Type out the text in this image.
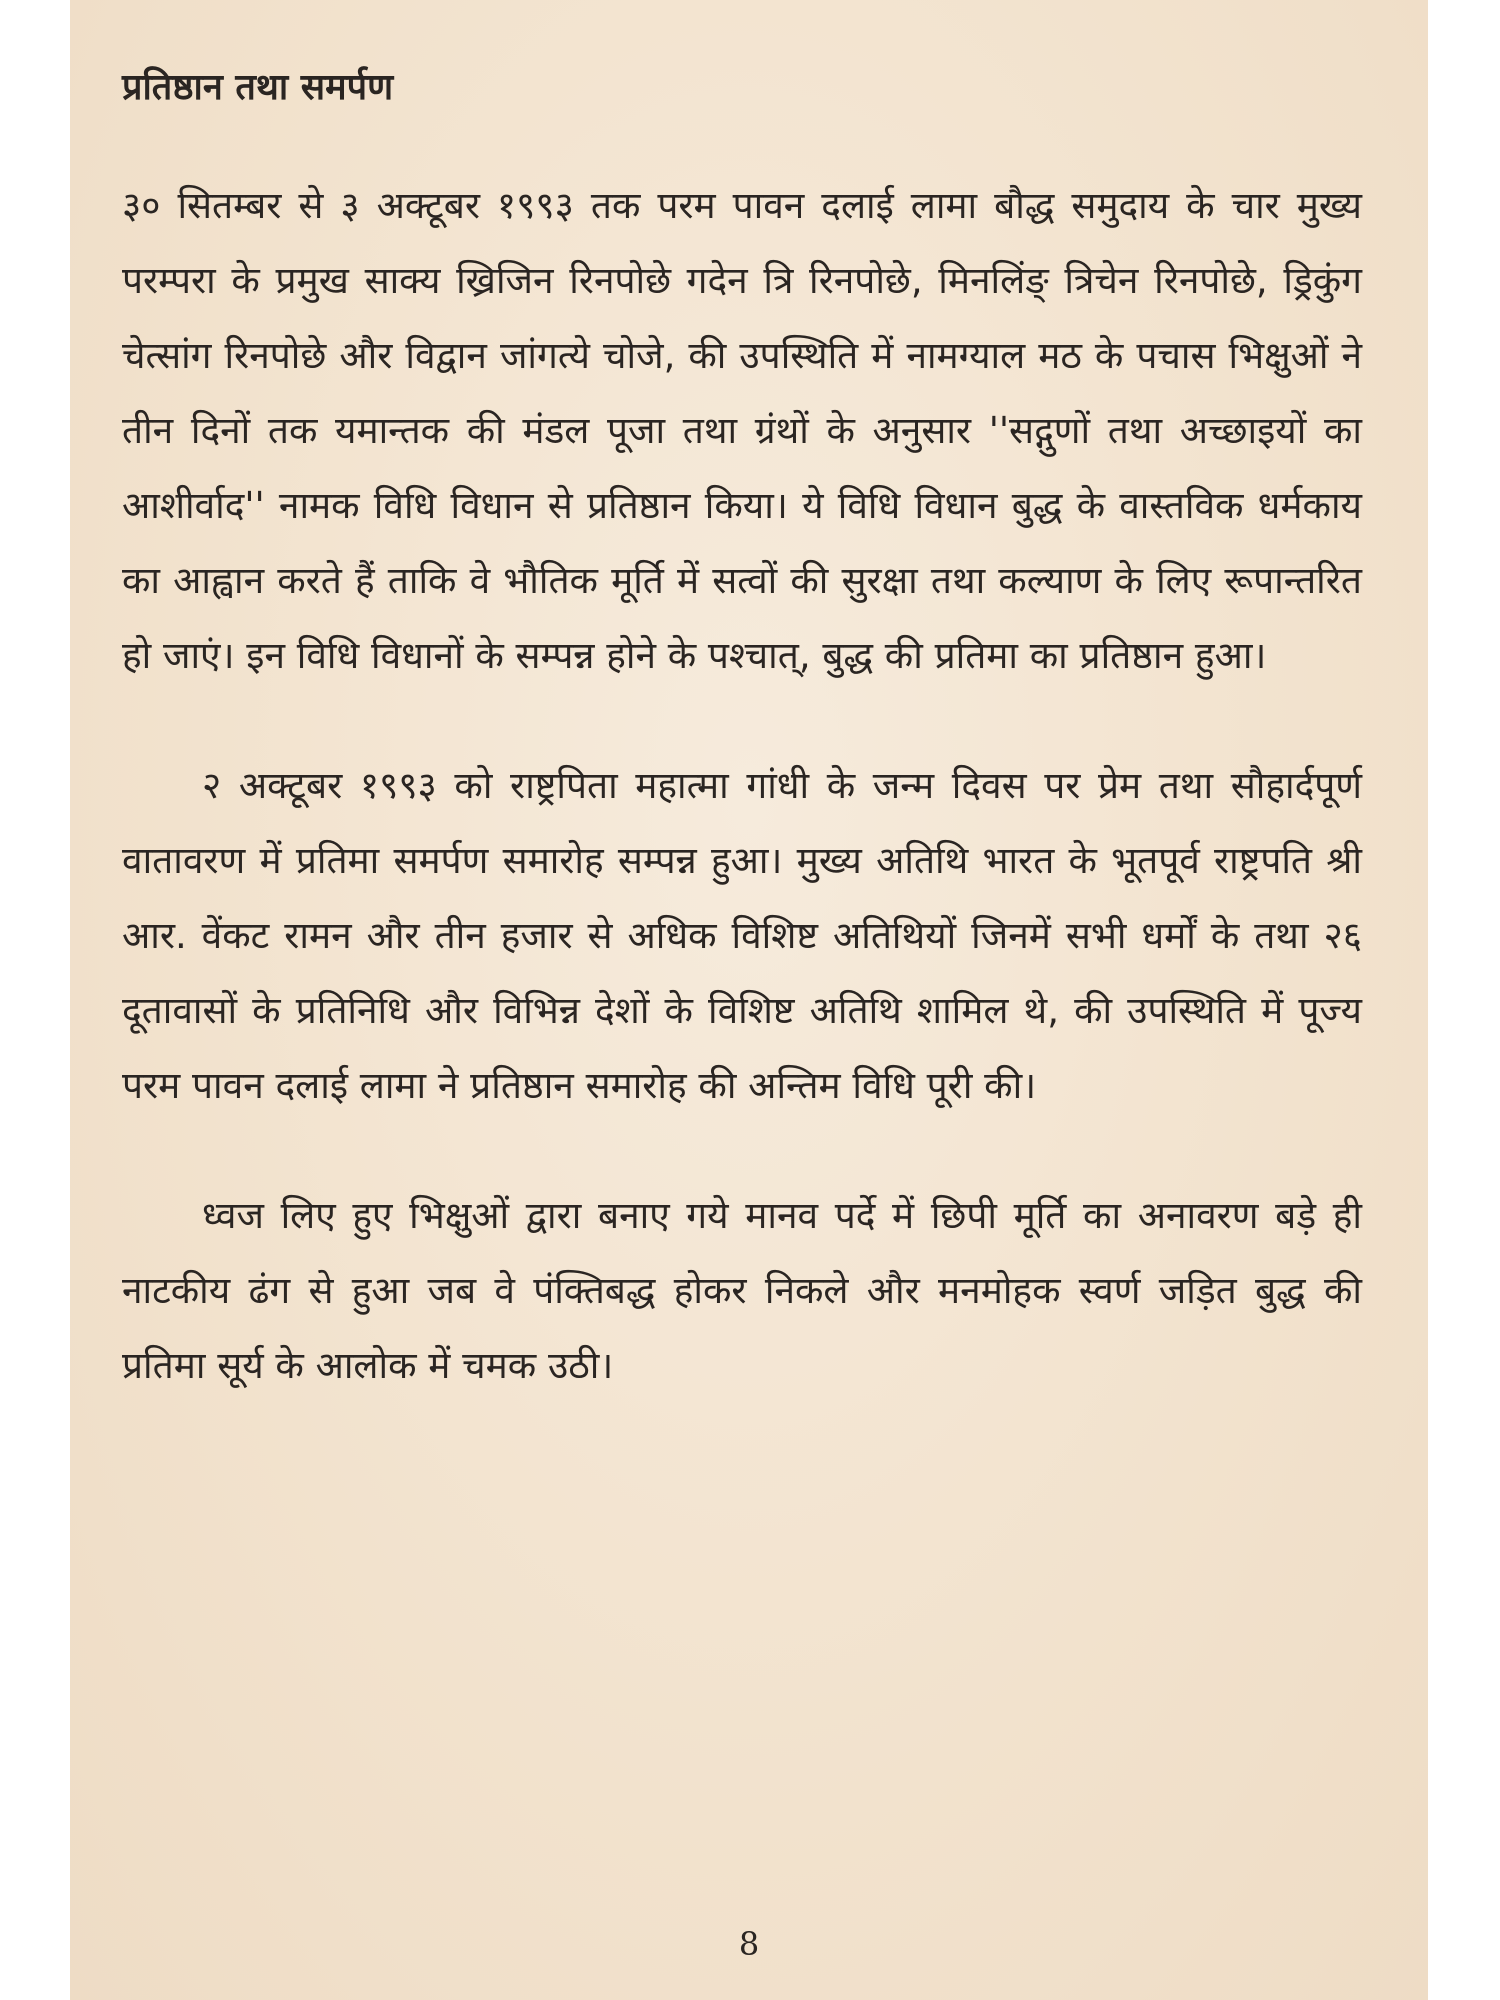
प्रतिष्ठान तथा समर्पण

३० सितम्बर से ३ अक्टूबर १९९३ तक परम पावन दलाई लामा बौद्ध समुदाय के चार मुख्य परम्परा के प्रमुख साक्य ख्रिजिन रिनपोछे गदेन त्रि रिनपोछे, मिनलिंङ् त्रिचेन रिनपोछे, ड्रिकुंग चेत्सांग रिनपोछे और विद्वान जांगत्ये चोजे, की उपस्थिति में नामग्याल मठ के पचास भिक्षुओं ने तीन दिनों तक यमान्तक की मंडल पूजा तथा ग्रंथों के अनुसार ''सद्गुणों तथा अच्छाइयों का आशीर्वाद'' नामक विधि विधान से प्रतिष्ठान किया। ये विधि विधान बुद्ध के वास्तविक धर्मकाय का आह्वान करते हैं ताकि वे भौतिक मूर्ति में सत्वों की सुरक्षा तथा कल्याण के लिए रूपान्तरित हो जाएं। इन विधि विधानों के सम्पन्न होने के पश्चात्, बुद्ध की प्रतिमा का प्रतिष्ठान हुआ।

२ अक्टूबर १९९३ को राष्ट्रपिता महात्मा गांधी के जन्म दिवस पर प्रेम तथा सौहार्दपूर्ण वातावरण में प्रतिमा समर्पण समारोह सम्पन्न हुआ। मुख्य अतिथि भारत के भूतपूर्व राष्ट्रपति श्री आर. वेंकट रामन और तीन हजार से अधिक विशिष्ट अतिथियों जिनमें सभी धर्मों के तथा २६ दूतावासों के प्रतिनिधि और विभिन्न देशों के विशिष्ट अतिथि शामिल थे, की उपस्थिति में पूज्य परम पावन दलाई लामा ने प्रतिष्ठान समारोह की अन्तिम विधि पूरी की।

ध्वज लिए हुए भिक्षुओं द्वारा बनाए गये मानव पर्दे में छिपी मूर्ति का अनावरण बड़े ही नाटकीय ढंग से हुआ जब वे पंक्तिबद्ध होकर निकले और मनमोहक स्वर्ण जड़ित बुद्ध की प्रतिमा सूर्य के आलोक में चमक उठी।

8
